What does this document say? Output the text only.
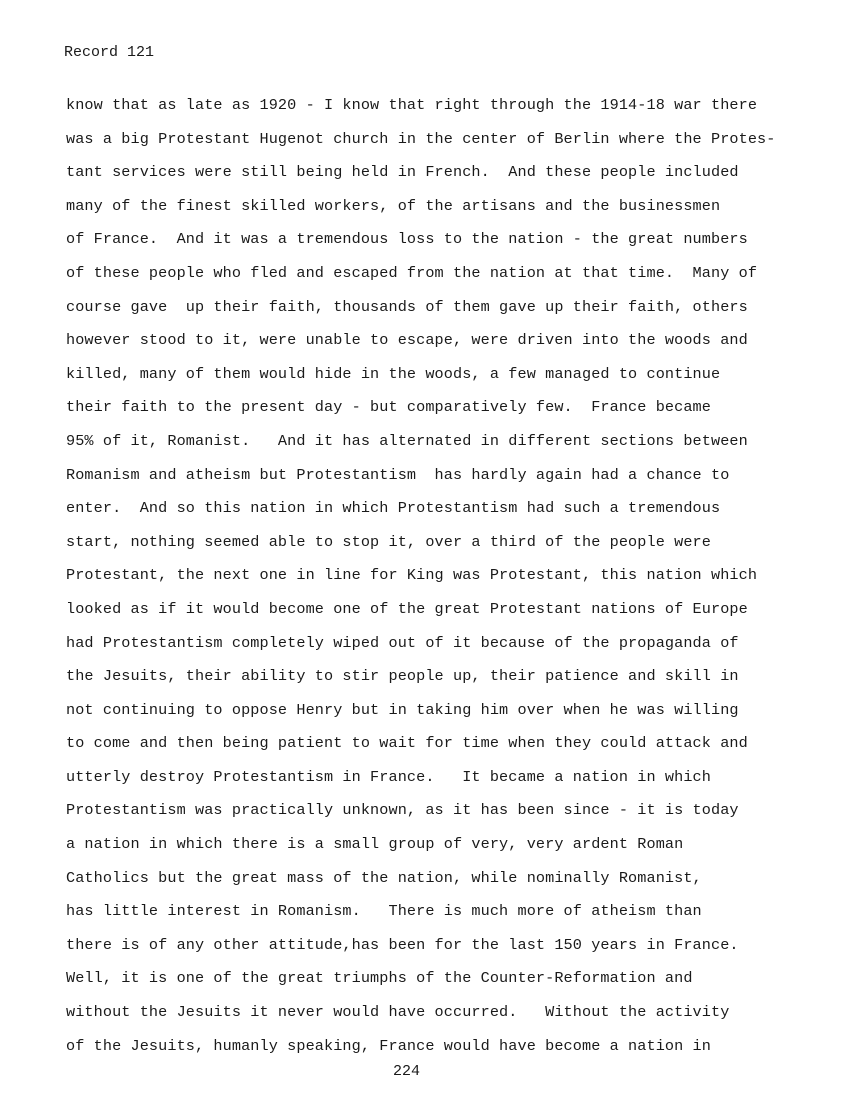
Record 121
know that as late as 1920 - I know that right through the 1914-18 war there
was a big Protestant Hugenot church in the center of Berlin where the Protes-
tant services were still being held in French.  And these people included
many of the finest skilled workers, of the artisans and the businessmen
of France.  And it was a tremendous loss to the nation - the great numbers
of these people who fled and escaped from the nation at that time.  Many of
course gave  up their faith, thousands of them gave up their faith, others
however stood to it, were unable to escape, were driven into the woods and
killed, many of them would hide in the woods, a few managed to continue
their faith to the present day - but comparatively few.  France became
95% of it, Romanist.   And it has alternated in different sections between
Romanism and atheism but Protestantism  has hardly again had a chance to
enter.  And so this nation in which Protestantism had such a tremendous
start, nothing seemed able to stop it, over a third of the people were
Protestant, the next one in line for King was Protestant, this nation which
looked as if it would become one of the great Protestant nations of Europe
had Protestantism completely wiped out of it because of the propaganda of
the Jesuits, their ability to stir people up, their patience and skill in
not continuing to oppose Henry but in taking him over when he was willing
to come and then being patient to wait for time when they could attack and
utterly destroy Protestantism in France.   It became a nation in which
Protestantism was practically unknown, as it has been since - it is today
a nation in which there is a small group of very, very ardent Roman
Catholics but the great mass of the nation, while nominally Romanist,
has little interest in Romanism.   There is much more of atheism than
there is of any other attitude,has been for the last 150 years in France.
Well, it is one of the great triumphs of the Counter-Reformation and
without the Jesuits it never would have occurred.   Without the activity
of the Jesuits, humanly speaking, France would have become a nation in
224
